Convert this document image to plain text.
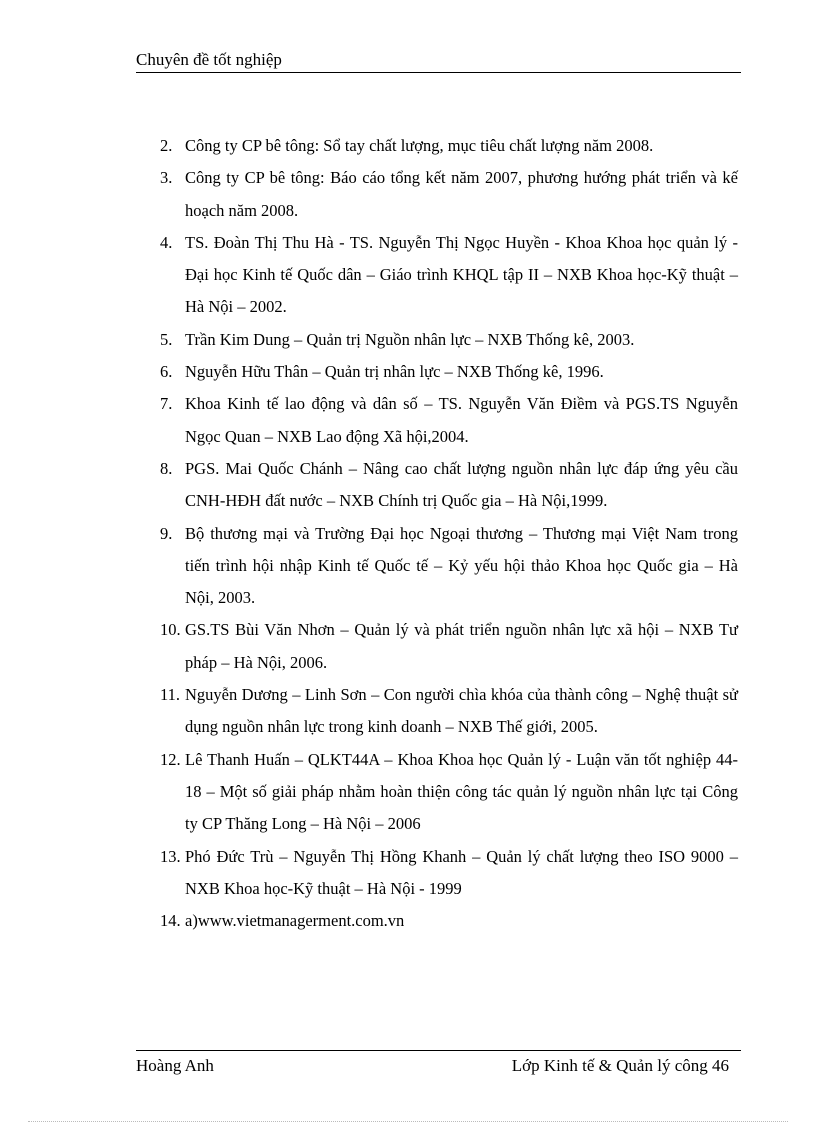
Chuyên đề tốt nghiệp
2. Công ty CP bê tông: Sổ tay chất lượng, mục tiêu chất lượng năm 2008.
3. Công ty CP bê tông: Báo cáo tổng kết năm 2007, phương hướng phát triển và kế hoạch năm 2008.
4. TS. Đoàn Thị Thu Hà - TS. Nguyễn Thị Ngọc Huyền - Khoa Khoa học quản lý - Đại học Kinh tế Quốc dân – Giáo trình KHQL tập II – NXB Khoa học-Kỹ thuật – Hà Nội – 2002.
5. Trần Kim Dung – Quản trị Nguồn nhân lực – NXB Thống kê, 2003.
6. Nguyễn Hữu Thân – Quản trị nhân lực – NXB Thống kê, 1996.
7. Khoa Kinh tế lao động và dân số – TS. Nguyễn Văn Điềm và PGS.TS Nguyễn Ngọc Quan – NXB Lao động Xã hội,2004.
8. PGS. Mai Quốc Chánh – Nâng cao chất lượng nguồn nhân lực đáp ứng yêu cầu CNH-HĐH đất nước – NXB Chính trị Quốc gia – Hà Nội,1999.
9. Bộ thương mại và Trường Đại học Ngoại thương – Thương mại Việt Nam trong tiến trình hội nhập Kinh tế Quốc tế – Kỷ yếu hội thảo Khoa học Quốc gia – Hà Nội, 2003.
10. GS.TS Bùi Văn Nhơn – Quản lý và phát triển nguồn nhân lực xã hội – NXB Tư pháp – Hà Nội, 2006.
11. Nguyễn Dương – Linh Sơn – Con người chìa khóa của thành công – Nghệ thuật sử dụng nguồn nhân lực trong kinh doanh – NXB Thế giới, 2005.
12. Lê Thanh Huấn – QLKT44A – Khoa Khoa học Quản lý - Luận văn tốt nghiệp 44-18 – Một số giải pháp nhằm hoàn thiện công tác quản lý nguồn nhân lực tại Công ty CP Thăng Long – Hà Nội – 2006
13. Phó Đức Trù – Nguyễn Thị Hồng Khanh – Quản lý chất lượng theo ISO 9000 – NXB Khoa học-Kỹ thuật – Hà Nội - 1999
14. a)www.vietmanagerment.com.vn
Hoàng Anh	Lớp Kinh tế & Quản lý công 46
